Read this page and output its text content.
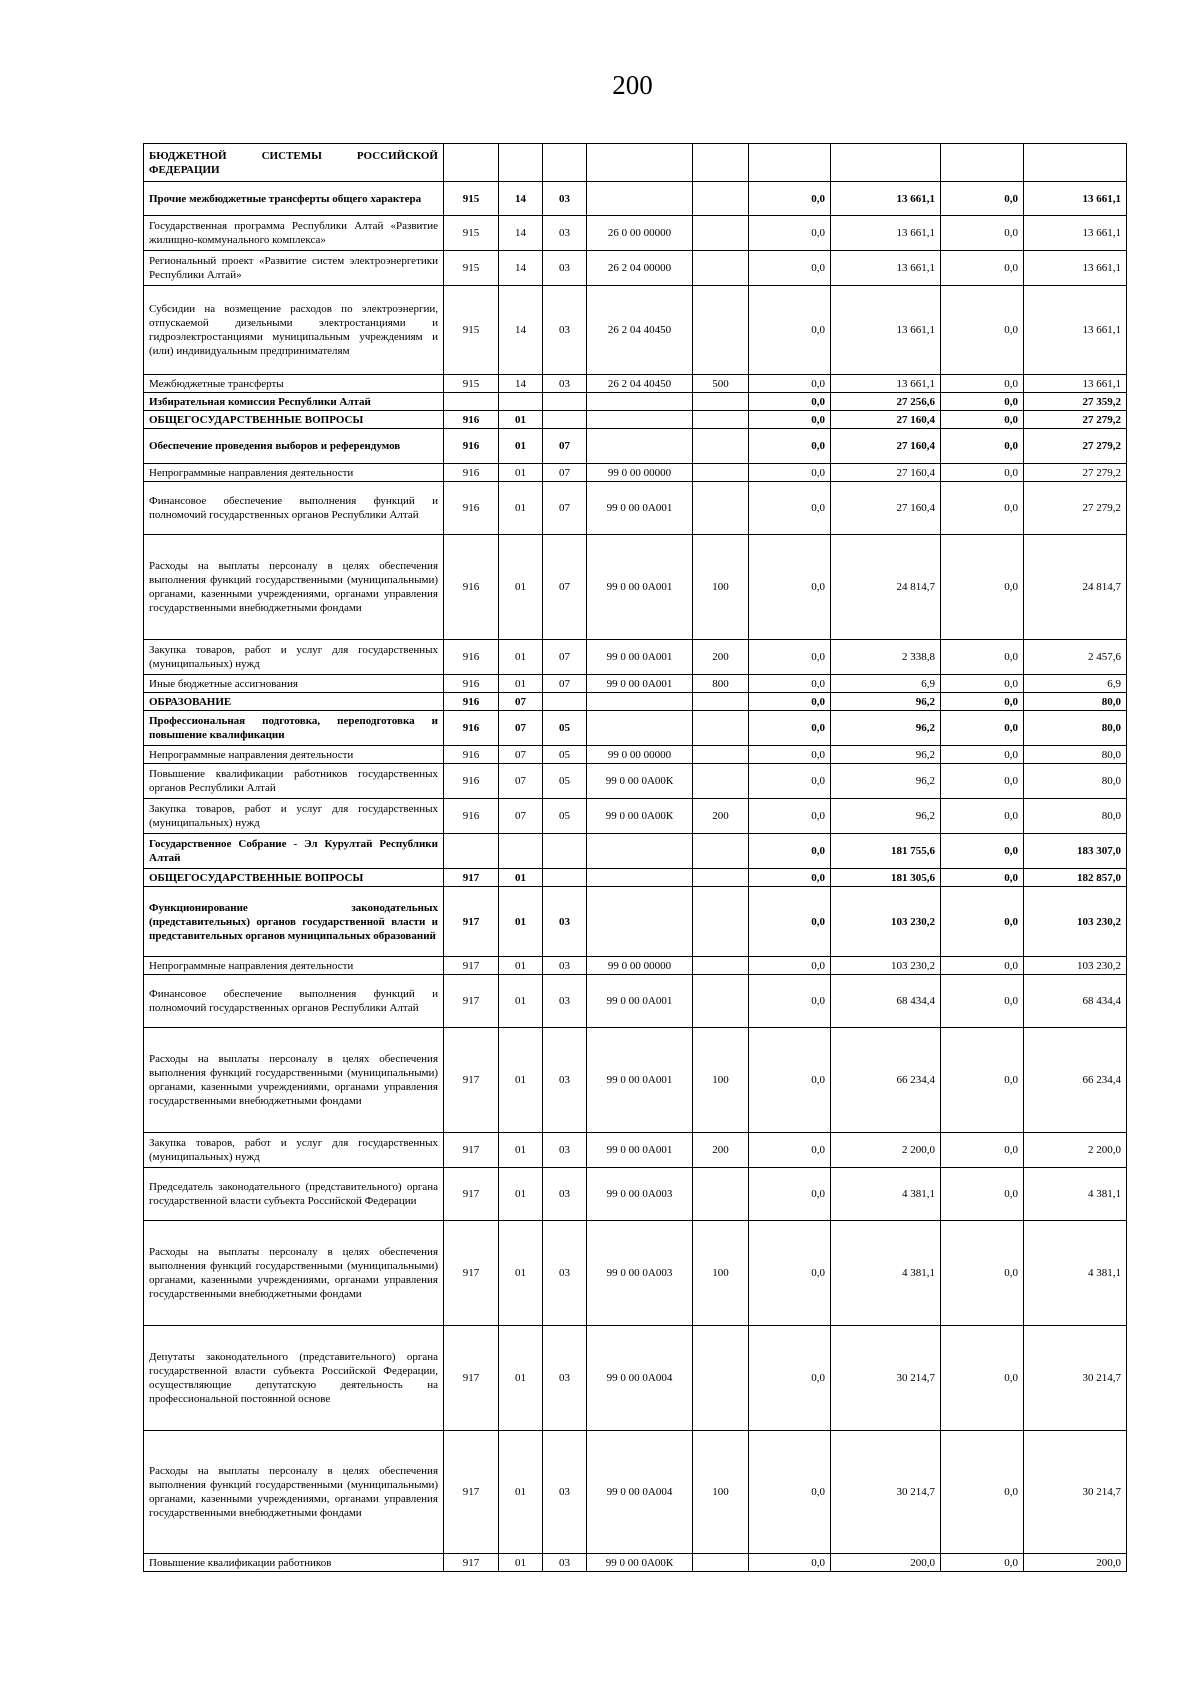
200
БЮДЖЕТНОЙ СИСТЕМЫ РОССИЙСКОЙ ФЕДЕРАЦИИ									
Прочие межбюджетные трансферты общего характера	915	14	03			0,0	13 661,1	0,0	13 661,1
Государственная программа Республики Алтай «Развитие жилищно-коммунального комплекса»	915	14	03	26 0 00 00000		0,0	13 661,1	0,0	13 661,1
Региональный проект «Развитие систем электроэнергетики Республики Алтай»	915	14	03	26 2 04 00000		0,0	13 661,1	0,0	13 661,1
Субсидии на возмещение расходов по электроэнергии, отпускаемой дизельными электростанциями и гидроэлектростанциями муниципальным учреждениям и (или) индивидуальным предпринимателям	915	14	03	26 2 04 40450		0,0	13 661,1	0,0	13 661,1
Межбюджетные трансферты	915	14	03	26 2 04 40450	500	0,0	13 661,1	0,0	13 661,1
Избирательная комиссия Республики Алтай						0,0	27 256,6	0,0	27 359,2
ОБЩЕГОСУДАРСТВЕННЫЕ ВОПРОСЫ	916	01				0,0	27 160,4	0,0	27 279,2
Обеспечение проведения выборов и референдумов	916	01	07			0,0	27 160,4	0,0	27 279,2
Непрограммные направления деятельности	916	01	07	99 0 00 00000		0,0	27 160,4	0,0	27 279,2
Финансовое обеспечение выполнения функций и полномочий государственных органов Республики Алтай	916	01	07	99 0 00 0А001		0,0	27 160,4	0,0	27 279,2
Расходы на выплаты персоналу в целях обеспечения выполнения функций государственными (муниципальными) органами, казенными учреждениями, органами управления государственными внебюджетными фондами	916	01	07	99 0 00 0А001	100	0,0	24 814,7	0,0	24 814,7
Закупка товаров, работ и услуг для государственных (муниципальных) нужд	916	01	07	99 0 00 0А001	200	0,0	2 338,8	0,0	2 457,6
Иные бюджетные ассигнования	916	01	07	99 0 00 0А001	800	0,0	6,9	0,0	6,9
ОБРАЗОВАНИЕ	916	07				0,0	96,2	0,0	80,0
Профессиональная подготовка, переподготовка и повышение квалификации	916	07	05			0,0	96,2	0,0	80,0
Непрограммные направления деятельности	916	07	05	99 0 00 00000		0,0	96,2	0,0	80,0
Повышение квалификации работников государственных органов Республики Алтай	916	07	05	99 0 00 0А00К		0,0	96,2	0,0	80,0
Закупка товаров, работ и услуг для государственных (муниципальных) нужд	916	07	05	99 0 00 0А00К	200	0,0	96,2	0,0	80,0
Государственное Собрание - Эл Курултай Республики Алтай						0,0	181 755,6	0,0	183 307,0
ОБЩЕГОСУДАРСТВЕННЫЕ ВОПРОСЫ	917	01				0,0	181 305,6	0,0	182 857,0
Функционирование законодательных (представительных) органов государственной власти и представительных органов муниципальных образований	917	01	03			0,0	103 230,2	0,0	103 230,2
Непрограммные направления деятельности	917	01	03	99 0 00 00000		0,0	103 230,2	0,0	103 230,2
Финансовое обеспечение выполнения функций и полномочий государственных органов Республики Алтай	917	01	03	99 0 00 0А001		0,0	68 434,4	0,0	68 434,4
Расходы на выплаты персоналу в целях обеспечения выполнения функций государственными (муниципальными) органами, казенными учреждениями, органами управления государственными внебюджетными фондами	917	01	03	99 0 00 0А001	100	0,0	66 234,4	0,0	66 234,4
Закупка товаров, работ и услуг для государственных (муниципальных) нужд	917	01	03	99 0 00 0А001	200	0,0	2 200,0	0,0	2 200,0
Председатель законодательного (представительного) органа государственной власти субъекта Российской Федерации	917	01	03	99 0 00 0А003		0,0	4 381,1	0,0	4 381,1
Расходы на выплаты персоналу в целях обеспечения выполнения функций государственными (муниципальными) органами, казенными учреждениями, органами управления государственными внебюджетными фондами	917	01	03	99 0 00 0А003	100	0,0	4 381,1	0,0	4 381,1
Депутаты законодательного (представительного) органа государственной власти субъекта Российской Федерации, осуществляющие депутатскую деятельность на профессиональной постоянной основе	917	01	03	99 0 00 0А004		0,0	30 214,7	0,0	30 214,7
Расходы на выплаты персоналу в целях обеспечения выполнения функций государственными (муниципальными) органами, казенными учреждениями, органами управления государственными внебюджетными фондами	917	01	03	99 0 00 0А004	100	0,0	30 214,7	0,0	30 214,7
Повышение квалификации работников	917	01	03	99 0 00 0А00К		0,0	200,0	0,0	200,0
